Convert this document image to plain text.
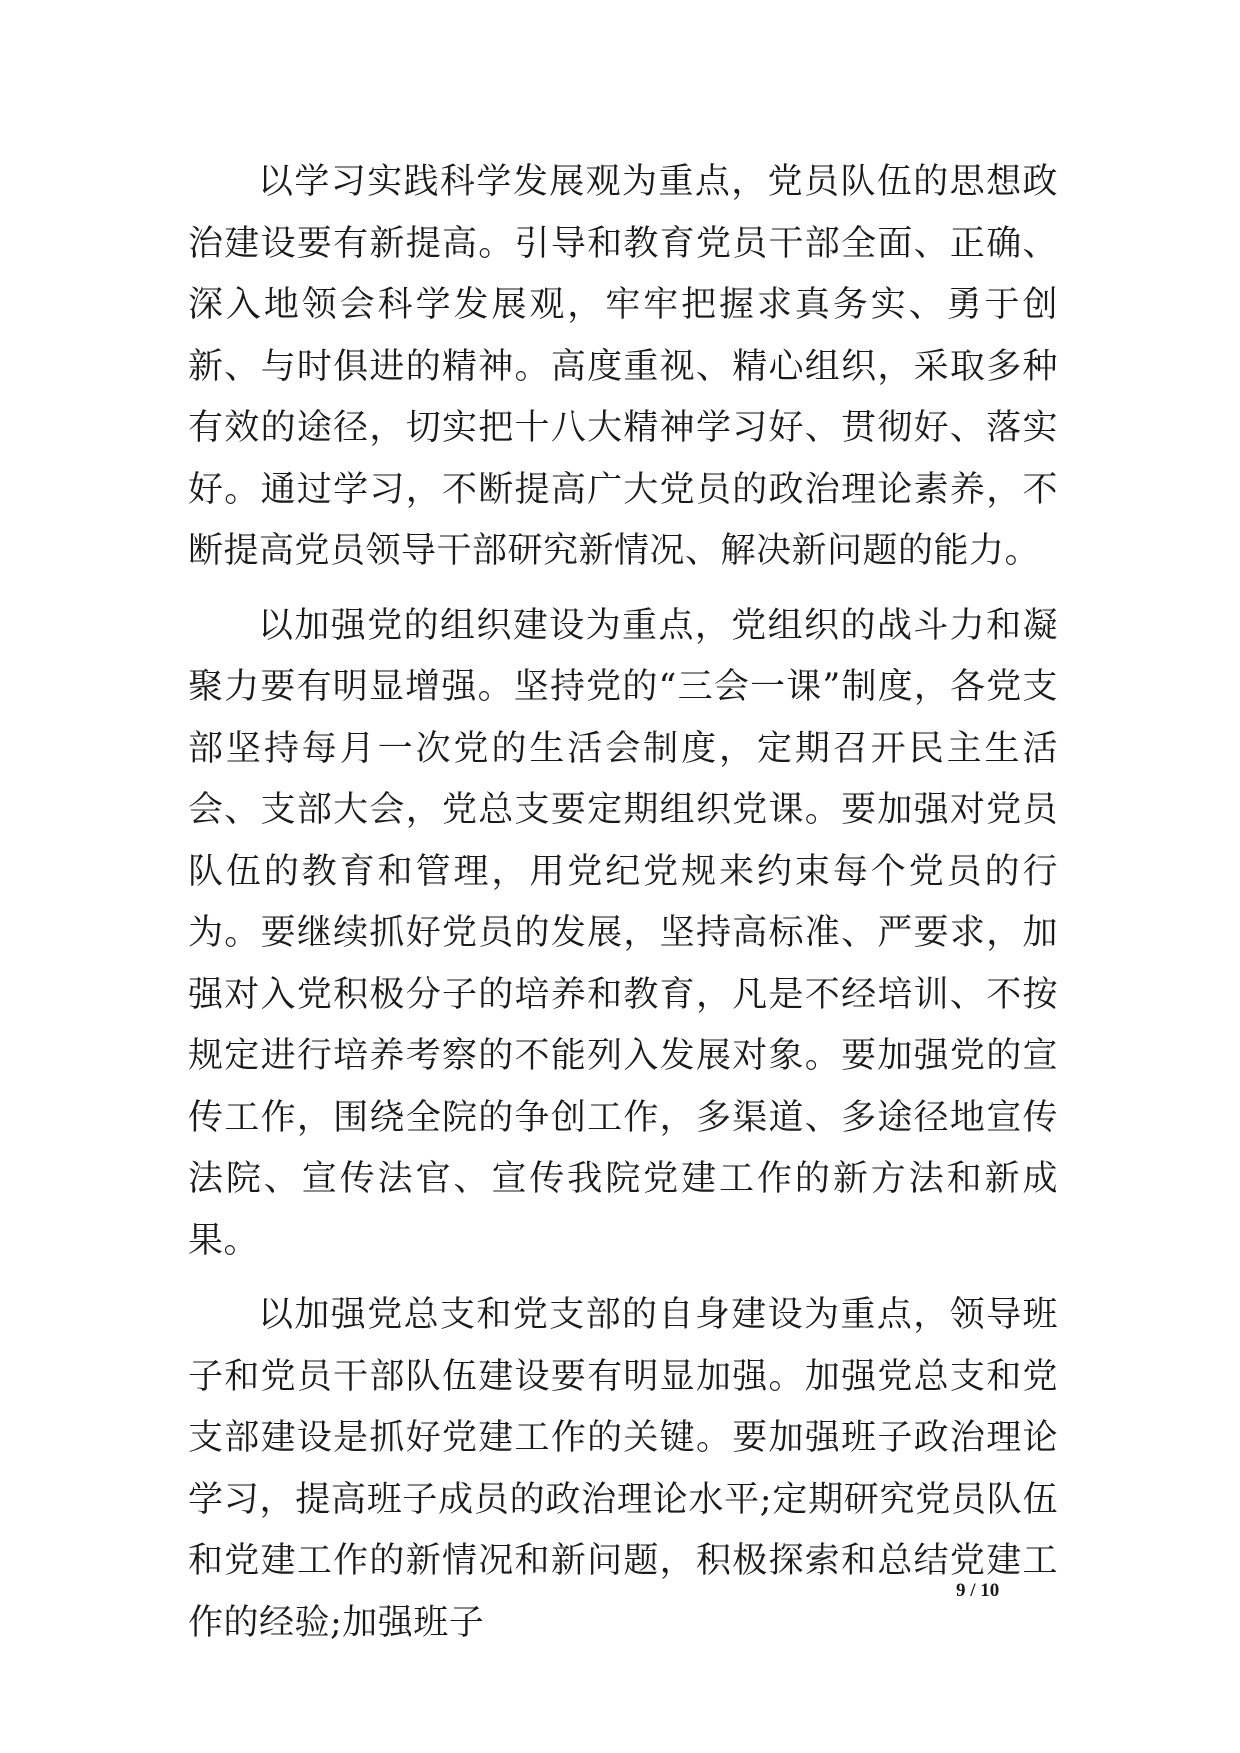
以学习实践科学发展观为重点，党员队伍的思想政治建设要有新提高。引导和教育党员干部全面、正确、深入地领会科学发展观，牢牢把握求真务实、勇于创新、与时俱进的精神。高度重视、精心组织，采取多种有效的途径，切实把十八大精神学习好、贯彻好、落实好。通过学习，不断提高广大党员的政治理论素养，不断提高党员领导干部研究新情况、解决新问题的能力。

以加强党的组织建设为重点，党组织的战斗力和凝聚力要有明显增强。坚持党的“三会一课”制度，各党支部坚持每月一次党的生活会制度，定期召开民主生活会、支部大会，党总支要定期组织党课。要加强对党员队伍的教育和管理，用党纪党规来约束每个党员的行为。要继续抓好党员的发展，坚持高标准、严要求，加强对入党积极分子的培养和教育，凡是不经培训、不按规定进行培养考察的不能列入发展对象。要加强党的宣传工作，围绕全院的争创工作，多渠道、多途径地宣传法院、宣传法官、宣传我院党建工作的新方法和新成果。

以加强党总支和党支部的自身建设为重点，领导班子和党员干部队伍建设要有明显加强。加强党总支和党支部建设是抓好党建工作的关键。要加强班子政治理论学习，提高班子成员的政治理论水平;定期研究党员队伍和党建工作的新情况和新问题，积极探索和总结党建工作的经验;加强班子

9 / 10
